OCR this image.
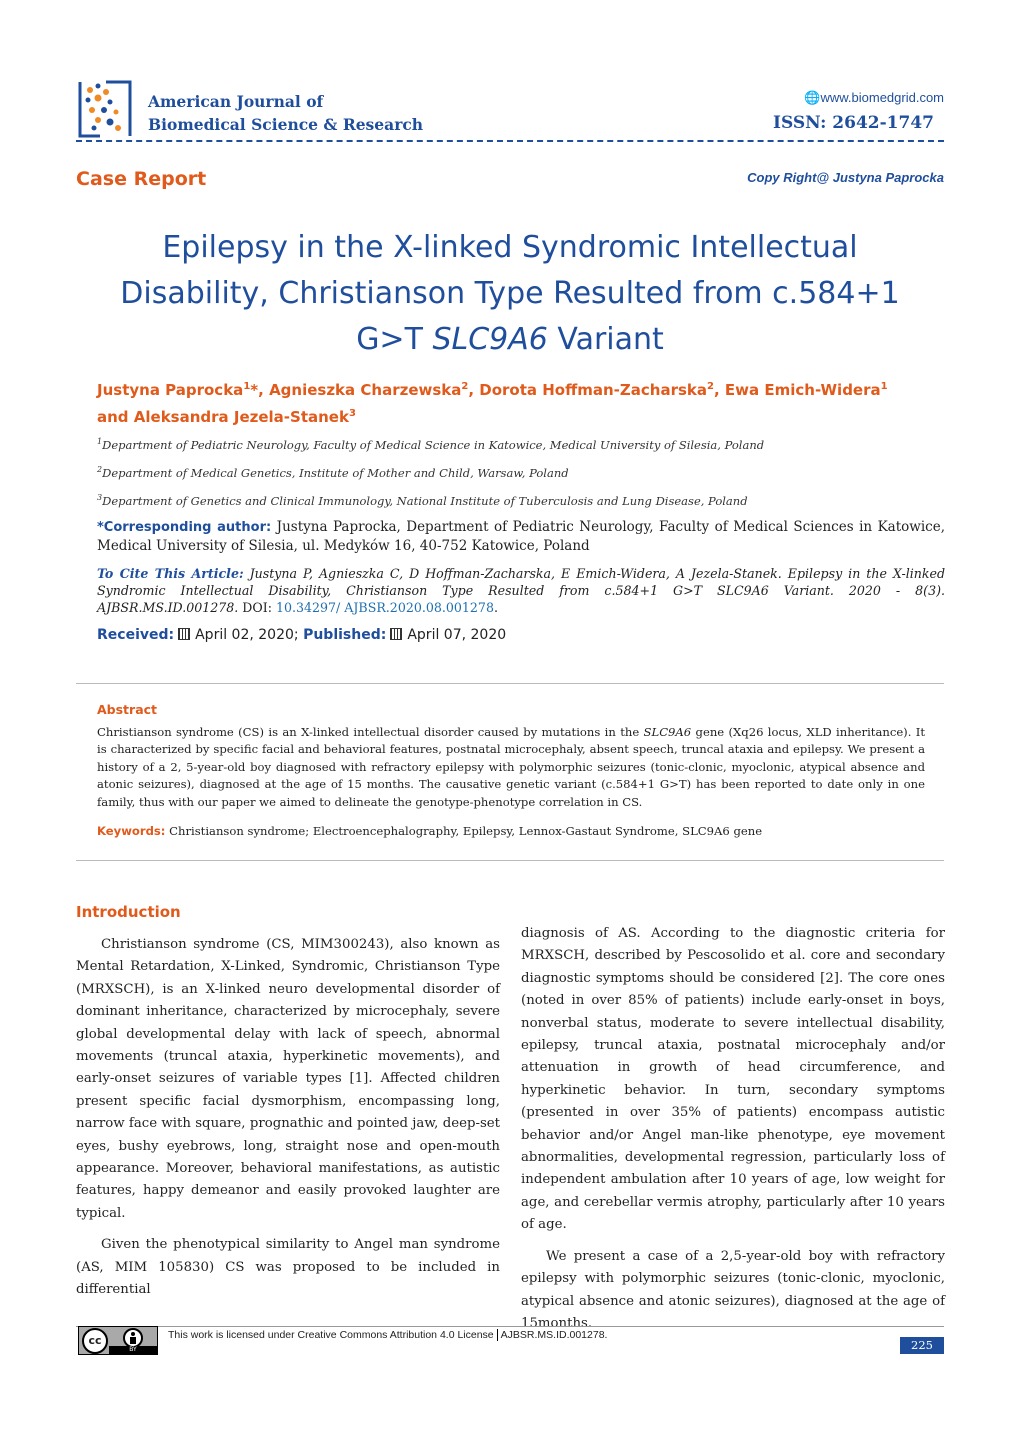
American Journal of
Biomedical Science & Research
🌐www.biomedgrid.com
ISSN: 2642-1747
Case Report	Copy Right@ Justyna Paprocka
Epilepsy in the X-linked Syndromic Intellectual
Disability, Christianson Type Resulted from c.584+1
G>T SLC9A6 Variant
Justyna Paprocka$^1$*, Agnieszka Charzewska$^2$, Dorota Hoffman-Zacharska$^2$, Ewa Emich-Widera$^1$
and Aleksandra Jezela-Stanek$^3$
$^1$Department of Pediatric Neurology, Faculty of Medical Science in Katowice, Medical University of Silesia, Poland
$^2$Department of Medical Genetics, Institute of Mother and Child, Warsaw, Poland
$^3$Department of Genetics and Clinical Immunology, National Institute of Tuberculosis and Lung Disease, Poland
*Corresponding author: Justyna Paprocka, Department of Pediatric Neurology, Faculty of Medical Sciences in Katowice, Medical University of Silesia, ul. Medyków 16, 40-752 Katowice, Poland
To Cite This Article: Justyna P, Agnieszka C, D Hoffman-Zacharska, E Emich-Widera, A Jezela-Stanek. Epilepsy in the X-linked Syndromic Intellectual Disability, Christianson Type Resulted from c.584+1 G>T SLC9A6 Variant. 2020 - 8(3). AJBSR.MS.ID.001278. DOI: 10.34297/ AJBSR.2020.08.001278.
Received: April 02, 2020; Published: April 07, 2020
Abstract
Christianson syndrome (CS) is an X-linked intellectual disorder caused by mutations in the SLC9A6 gene (Xq26 locus, XLD inheritance). It is characterized by specific facial and behavioral features, postnatal microcephaly, absent speech, truncal ataxia and epilepsy. We present a history of a 2, 5-year-old boy diagnosed with refractory epilepsy with polymorphic seizures (tonic-clonic, myoclonic, atypical absence and atonic seizures), diagnosed at the age of 15 months. The causative genetic variant (c.584+1 G>T) has been reported to date only in one family, thus with our paper we aimed to delineate the genotype-phenotype correlation in CS.
Keywords: Christianson syndrome; Electroencephalography, Epilepsy, Lennox-Gastaut Syndrome, SLC9A6 gene
Introduction

Christianson syndrome (CS, MIM300243), also known as Mental Retardation, X-Linked, Syndromic, Christianson Type (MRXSCH), is an X-linked neuro developmental disorder of dominant inheritance, characterized by microcephaly, severe global developmental delay with lack of speech, abnormal movements (truncal ataxia, hyperkinetic movements), and early-onset seizures of variable types [1]. Affected children present specific facial dysmorphism, encompassing long, narrow face with square, prognathic and pointed jaw, deep-set eyes, bushy eyebrows, long, straight nose and open-mouth appearance. Moreover, behavioral manifestations, as autistic features, happy demeanor and easily provoked laughter are typical.

Given the phenotypical similarity to Angel man syndrome (AS, MIM 105830) CS was proposed to be included in differential

diagnosis of AS. According to the diagnostic criteria for MRXSCH, described by Pescosolido et al. core and secondary diagnostic symptoms should be considered [2]. The core ones (noted in over 85% of patients) include early-onset in boys, nonverbal status, moderate to severe intellectual disability, epilepsy, truncal ataxia, postnatal microcephaly and/or attenuation in growth of head circumference, and hyperkinetic behavior. In turn, secondary symptoms (presented in over 35% of patients) encompass autistic behavior and/or Angel man-like phenotype, eye movement abnormalities, developmental regression, particularly loss of independent ambulation after 10 years of age, low weight for age, and cerebellar vermis atrophy, particularly after 10 years of age.

We present a case of a 2,5-year-old boy with refractory epilepsy with polymorphic seizures (tonic-clonic, myoclonic, atypical absence and atonic seizures), diagnosed at the age of 15months.

cc
BY
This work is licensed under Creative Commons Attribution 4.0 License AJBSR.MS.ID.001278.
225
